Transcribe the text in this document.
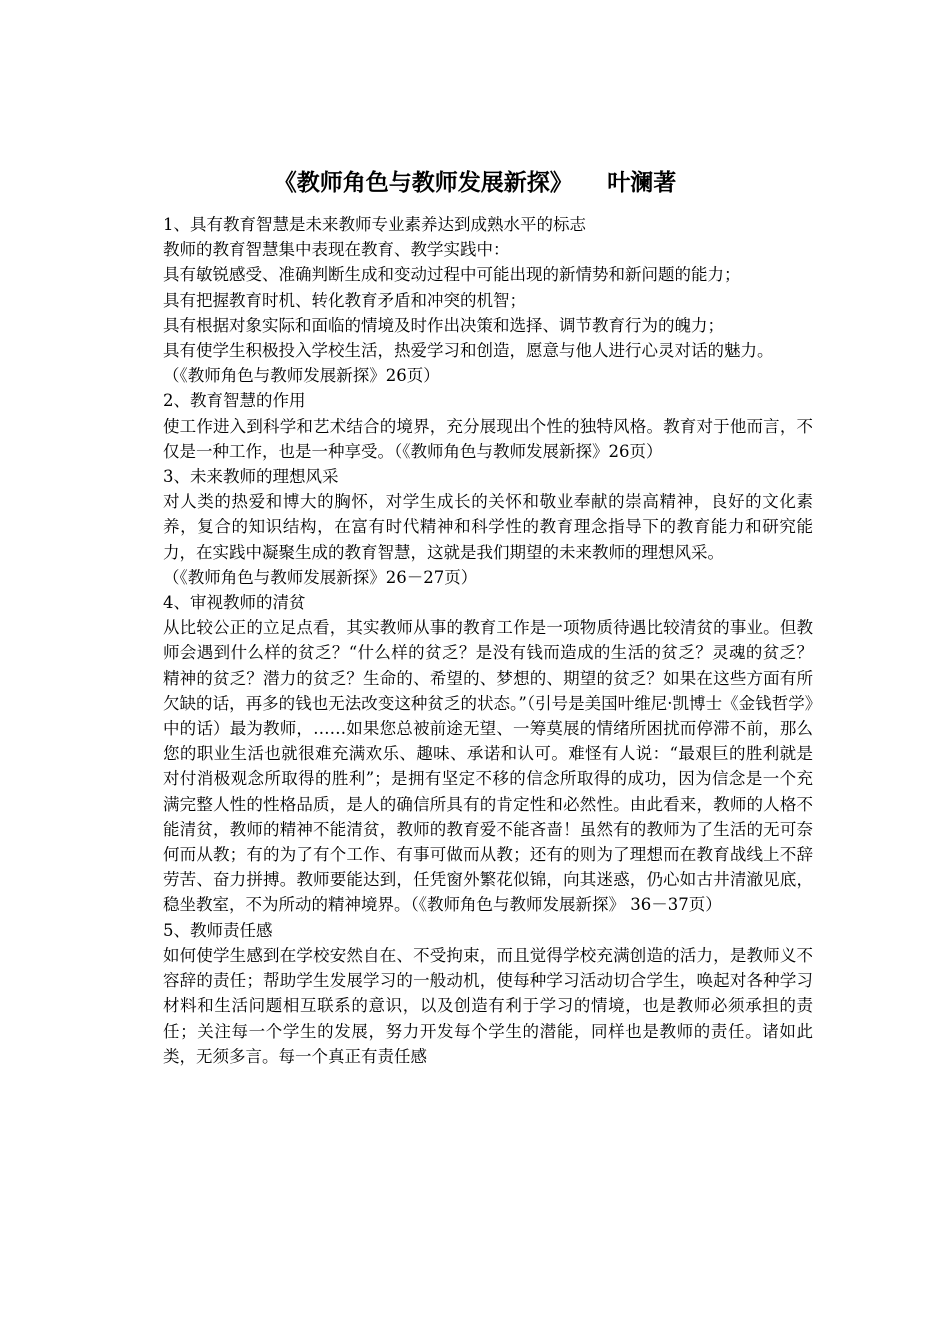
《教师角色与教师发展新探》　　叶澜著

1、具有教育智慧是未来教师专业素养达到成熟水平的标志

教师的教育智慧集中表现在教育、教学实践中：

具有敏锐感受、准确判断生成和变动过程中可能出现的新情势和新问题的能力；

具有把握教育时机、转化教育矛盾和冲突的机智；

具有根据对象实际和面临的情境及时作出决策和选择、调节教育行为的魄力；

具有使学生积极投入学校生活，热爱学习和创造，愿意与他人进行心灵对话的魅力。

（《教师角色与教师发展新探》26页）

2、教育智慧的作用

使工作进入到科学和艺术结合的境界，充分展现出个性的独特风格。教育对于他而言，不仅是一种工作，也是一种享受。（《教师角色与教师发展新探》26页）

3、未来教师的理想风采

对人类的热爱和博大的胸怀，对学生成长的关怀和敬业奉献的崇高精神，良好的文化素养，复合的知识结构，在富有时代精神和科学性的教育理念指导下的教育能力和研究能力，在实践中凝聚生成的教育智慧，这就是我们期望的未来教师的理想风采。

（《教师角色与教师发展新探》26－27页）

4、审视教师的清贫

从比较公正的立足点看，其实教师从事的教育工作是一项物质待遇比较清贫的事业。但教师会遇到什么样的贫乏？“什么样的贫乏？是没有钱而造成的生活的贫乏？灵魂的贫乏？精神的贫乏？潜力的贫乏？生命的、希望的、梦想的、期望的贫乏？如果在这些方面有所欠缺的话，再多的钱也无法改变这种贫乏的状态。”（引号是美国叶维尼·凯博士《金钱哲学》中的话）最为教师，……如果您总被前途无望、一筹莫展的情绪所困扰而停滞不前，那么您的职业生活也就很难充满欢乐、趣味、承诺和认可。难怪有人说：“最艰巨的胜利就是对付消极观念所取得的胜利”；是拥有坚定不移的信念所取得的成功，因为信念是一个充满完整人性的性格品质，是人的确信所具有的肯定性和必然性。由此看来，教师的人格不能清贫，教师的精神不能清贫，教师的教育爱不能吝啬！虽然有的教师为了生活的无可奈何而从教；有的为了有个工作、有事可做而从教；还有的则为了理想而在教育战线上不辞劳苦、奋力拼搏。教师要能达到，任凭窗外繁花似锦，向其迷惑，仍心如古井清澈见底，稳坐教室，不为所动的精神境界。（《教师角色与教师发展新探》 36－37页）

5、教师责任感

如何使学生感到在学校安然自在、不受拘束，而且觉得学校充满创造的活力，是教师义不容辞的责任；帮助学生发展学习的一般动机，使每种学习活动切合学生，唤起对各种学习材料和生活问题相互联系的意识，以及创造有利于学习的情境，也是教师必须承担的责任；关注每一个学生的发展，努力开发每个学生的潜能，同样也是教师的责任。诸如此类，无须多言。每一个真正有责任感
